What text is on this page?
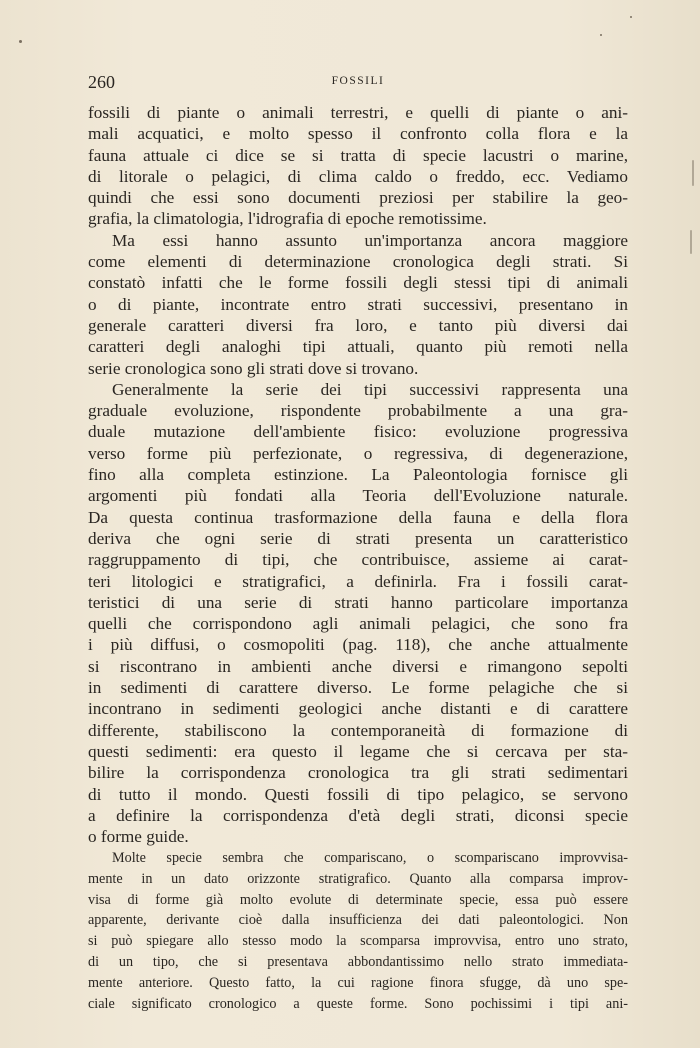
260	FOSSILI
fossili di piante o animali terrestri, e quelli di piante o ani-
mali acquatici, e molto spesso il confronto colla flora e la
fauna attuale ci dice se si tratta di specie lacustri o marine,
di litorale o pelagici, di clima caldo o freddo, ecc. Vediamo
quindi che essi sono documenti preziosi per stabilire la geo-
grafia, la climatologia, l'idrografia di epoche remotissime.
Ma essi hanno assunto un'importanza ancora maggiore
come elementi di determinazione cronologica degli strati. Si
constatò infatti che le forme fossili degli stessi tipi di animali
o di piante, incontrate entro strati successivi, presentano in
generale caratteri diversi fra loro, e tanto più diversi dai
caratteri degli analoghi tipi attuali, quanto più remoti nella
serie cronologica sono gli strati dove si trovano.
Generalmente la serie dei tipi successivi rappresenta una
graduale evoluzione, rispondente probabilmente a una gra-
duale mutazione dell'ambiente fisico: evoluzione progressiva
verso forme più perfezionate, o regressiva, di degenerazione,
fino alla completa estinzione. La Paleontologia fornisce gli
argomenti più fondati alla Teoria dell'Evoluzione naturale.
Da questa continua trasformazione della fauna e della flora
deriva che ogni serie di strati presenta un caratteristico
raggruppamento di tipi, che contribuisce, assieme ai carat-
teri litologici e stratigrafici, a definirla. Fra i fossili carat-
teristici di una serie di strati hanno particolare importanza
quelli che corrispondono agli animali pelagici, che sono fra
i più diffusi, o cosmopoliti (pag. 118), che anche attualmente
si riscontrano in ambienti anche diversi e rimangono sepolti
in sedimenti di carattere diverso. Le forme pelagiche che si
incontrano in sedimenti geologici anche distanti e di carattere
differente, stabiliscono la contemporaneità di formazione di
questi sedimenti: era questo il legame che si cercava per sta-
bilire la corrispondenza cronologica tra gli strati sedimentari
di tutto il mondo. Questi fossili di tipo pelagico, se servono
a definire la corrispondenza d'età degli strati, diconsi specie
o forme guide.
Molte specie sembra che compariscano, o scompariscano improvvisa-
mente in un dato orizzonte stratigrafico. Quanto alla comparsa improv-
visa di forme già molto evolute di determinate specie, essa può essere
apparente, derivante cioè dalla insufficienza dei dati paleontologici. Non
si può spiegare allo stesso modo la scomparsa improvvisa, entro uno strato,
di un tipo, che si presentava abbondantissimo nello strato immediata-
mente anteriore. Questo fatto, la cui ragione finora sfugge, dà uno spe-
ciale significato cronologico a queste forme. Sono pochissimi i tipi ani-
